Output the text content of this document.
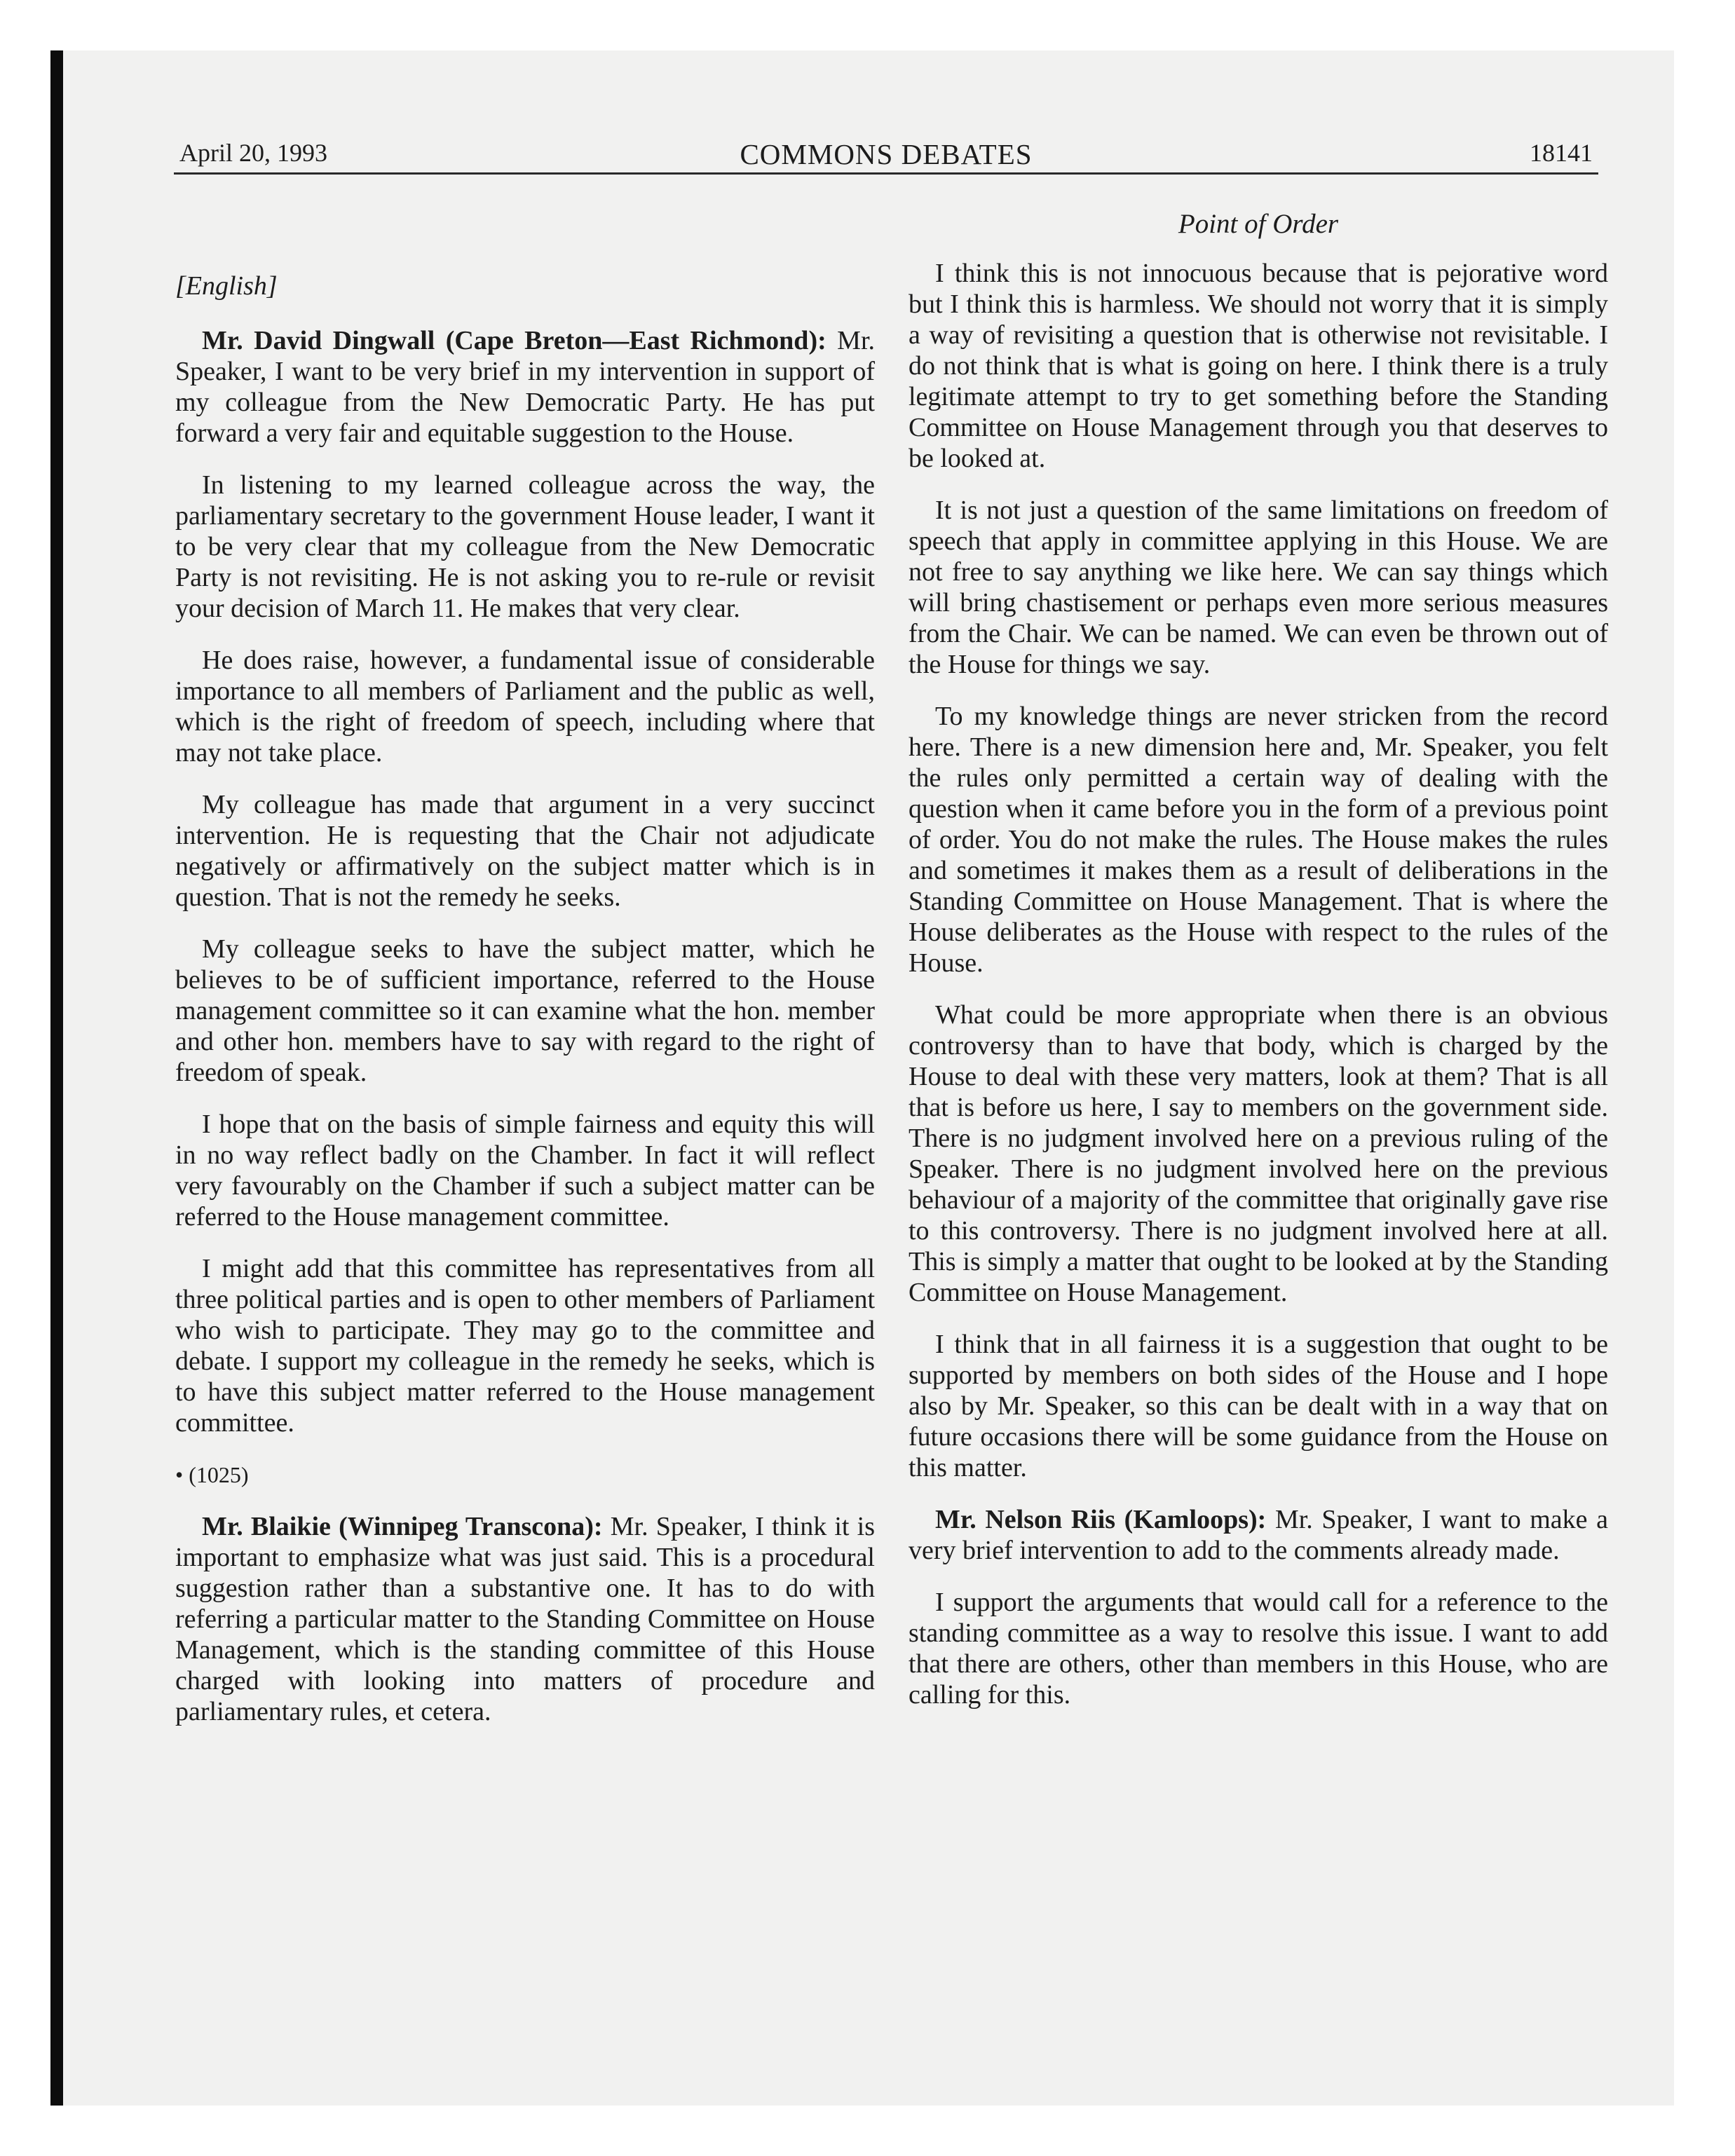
April 20, 1993	COMMONS DEBATES	18141
[English]

Mr. David Dingwall (Cape Breton—East Richmond): Mr. Speaker, I want to be very brief in my intervention in support of my colleague from the New Democratic Party. He has put forward a very fair and equitable suggestion to the House.

In listening to my learned colleague across the way, the parliamentary secretary to the government House leader, I want it to be very clear that my colleague from the New Democratic Party is not revisiting. He is not asking you to re-rule or revisit your decision of March 11. He makes that very clear.

He does raise, however, a fundamental issue of considerable importance to all members of Parliament and the public as well, which is the right of freedom of speech, including where that may not take place.

My colleague has made that argument in a very succinct intervention. He is requesting that the Chair not adjudicate negatively or affirmatively on the subject matter which is in question. That is not the remedy he seeks.

My colleague seeks to have the subject matter, which he believes to be of sufficient importance, referred to the House management committee so it can examine what the hon. member and other hon. members have to say with regard to the right of freedom of speak.

I hope that on the basis of simple fairness and equity this will in no way reflect badly on the Chamber. In fact it will reflect very favourably on the Chamber if such a subject matter can be referred to the House management committee.

I might add that this committee has representatives from all three political parties and is open to other members of Parliament who wish to participate. They may go to the committee and debate. I support my colleague in the remedy he seeks, which is to have this subject matter referred to the House management committee.

• (1025)

Mr. Blaikie (Winnipeg Transcona): Mr. Speaker, I think it is important to emphasize what was just said. This is a procedural suggestion rather than a substantive one. It has to do with referring a particular matter to the Standing Committee on House Management, which is the standing committee of this House charged with looking into matters of procedure and parliamentary rules, et cetera.

Point of Order

I think this is not innocuous because that is pejorative word but I think this is harmless. We should not worry that it is simply a way of revisiting a question that is otherwise not revisitable. I do not think that is what is going on here. I think there is a truly legitimate attempt to try to get something before the Standing Committee on House Management through you that deserves to be looked at.

It is not just a question of the same limitations on freedom of speech that apply in committee applying in this House. We are not free to say anything we like here. We can say things which will bring chastisement or perhaps even more serious measures from the Chair. We can be named. We can even be thrown out of the House for things we say.

To my knowledge things are never stricken from the record here. There is a new dimension here and, Mr. Speaker, you felt the rules only permitted a certain way of dealing with the question when it came before you in the form of a previous point of order. You do not make the rules. The House makes the rules and sometimes it makes them as a result of deliberations in the Standing Committee on House Management. That is where the House deliberates as the House with respect to the rules of the House.

What could be more appropriate when there is an obvious controversy than to have that body, which is charged by the House to deal with these very matters, look at them? That is all that is before us here, I say to members on the government side. There is no judgment involved here on a previous ruling of the Speaker. There is no judgment involved here on the previous behaviour of a majority of the committee that originally gave rise to this controversy. There is no judgment involved here at all. This is simply a matter that ought to be looked at by the Standing Committee on House Management.

I think that in all fairness it is a suggestion that ought to be supported by members on both sides of the House and I hope also by Mr. Speaker, so this can be dealt with in a way that on future occasions there will be some guidance from the House on this matter.

Mr. Nelson Riis (Kamloops): Mr. Speaker, I want to make a very brief intervention to add to the comments already made.

I support the arguments that would call for a reference to the standing committee as a way to resolve this issue. I want to add that there are others, other than members in this House, who are calling for this.
